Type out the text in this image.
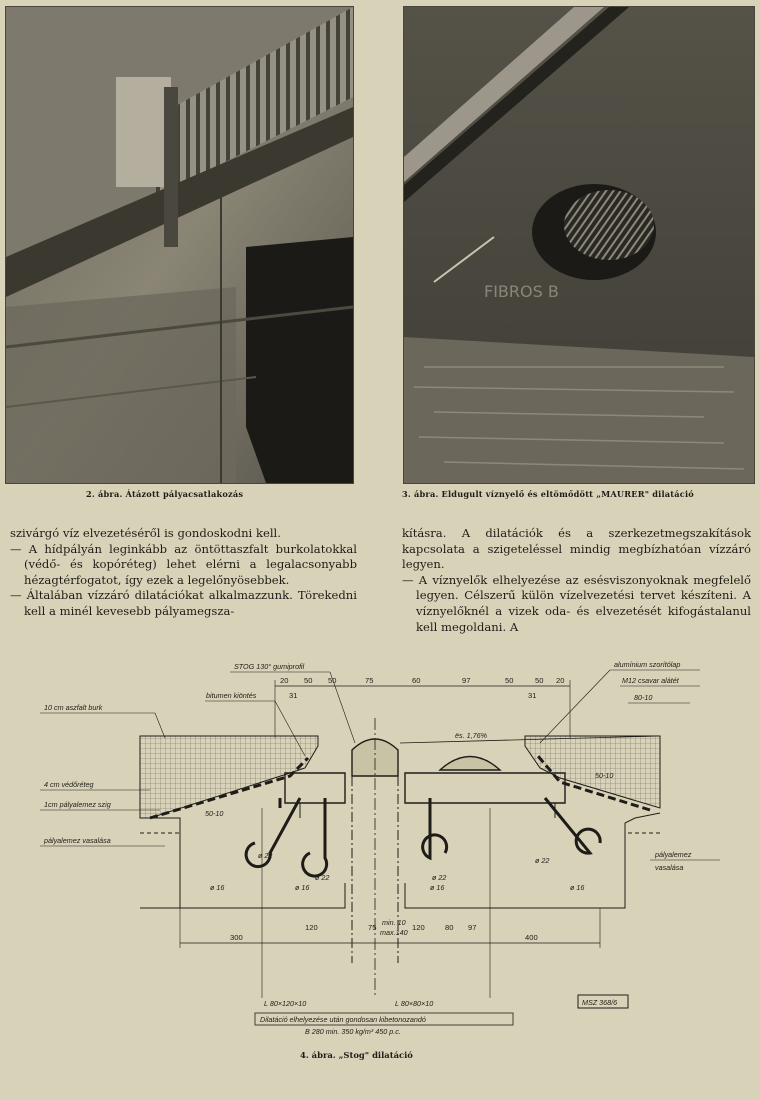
FIBROS B
2. ábra. Átázott pályacsatlakozás	3. ábra. Eldugult víznyelő és eltömődött „MAURER" dilatáció

szivárgó víz elvezetéséről is gondoskodni kell.

— A hídpályán leginkább az öntöttaszfalt burkolatokkal (védő- és kopóréteg) lehet elérni a legalacsonyabb hézagtérfogatot, így ezek a legelőnyösebbek.

— Általában vízzáró dilatációkat alkalmazzunk. Törekedni kell a minél kevesebb pályamegsza-

kításra. A dilatációk és a szerkezetmegszakítások kapcsolata a szigeteléssel mindig megbízhatóan vízzáró legyen.

— A víznyelők elhelyezése az esésviszonyoknak megfelelő legyen. Célszerű külön vízelvezetési tervet készíteni. A víznyelőknél a vizek oda- és elvezetését kifogástalanul kell megoldani. A

STOG 130° gumiprofil
bitumen kiöntés
10 cm aszfalt burk
4 cm védőréteg
1cm pályalemez szig
pályalemez vasalása
alumínium szorítólap
M12 csavar alátét
80-10
50-10
50-10
pályalemez
vasalása
ës. 1,76%
min. 10
max.140
L 80×120×10	L 80×80×10
Dilatáció elhelyezése után gondosan kibetonozandó
B 280 min. 350 kg/m³ 450 p.c.
MSZ 368/6
ø 22
ø 22	ø 22
ø 22
ø 16	ø 16	ø 16	ø 16
20 50 50	75	60	97	50	50 20
31	31
300
120	75	120	80 97
400
4. ábra. „Stog" dilatáció
